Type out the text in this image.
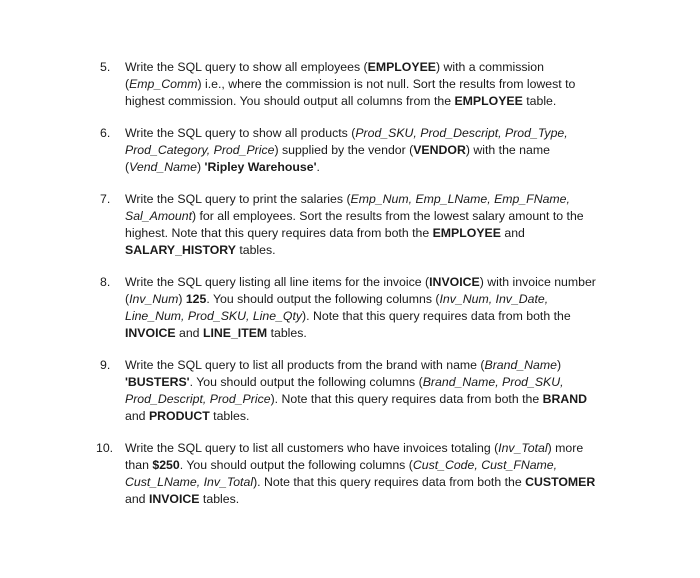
5.	Write the SQL query to show all employees (EMPLOYEE) with a commission
(Emp_Comm) i.e., where the commission is not null. Sort the results from lowest to
highest commission. You should output all columns from the EMPLOYEE table.
6.	Write the SQL query to show all products (Prod_SKU, Prod_Descript, Prod_Type,
Prod_Category, Prod_Price) supplied by the vendor (VENDOR) with the name
(Vend_Name) 'Ripley Warehouse'.
7.	Write the SQL query to print the salaries (Emp_Num, Emp_LName, Emp_FName,
Sal_Amount) for all employees. Sort the results from the lowest salary amount to the
highest. Note that this query requires data from both the EMPLOYEE and
SALARY_HISTORY tables.
8.	Write the SQL query listing all line items for the invoice (INVOICE) with invoice number
(Inv_Num) 125. You should output the following columns (Inv_Num, Inv_Date,
Line_Num, Prod_SKU, Line_Qty). Note that this query requires data from both the
INVOICE and LINE_ITEM tables.
9.	Write the SQL query to list all products from the brand with name (Brand_Name)
'BUSTERS'. You should output the following columns (Brand_Name, Prod_SKU,
Prod_Descript, Prod_Price). Note that this query requires data from both the BRAND
and PRODUCT tables.
10. Write the SQL query to list all customers who have invoices totaling (Inv_Total) more
than $250. You should output the following columns (Cust_Code, Cust_FName,
Cust_LName, Inv_Total). Note that this query requires data from both the CUSTOMER
and INVOICE tables.
